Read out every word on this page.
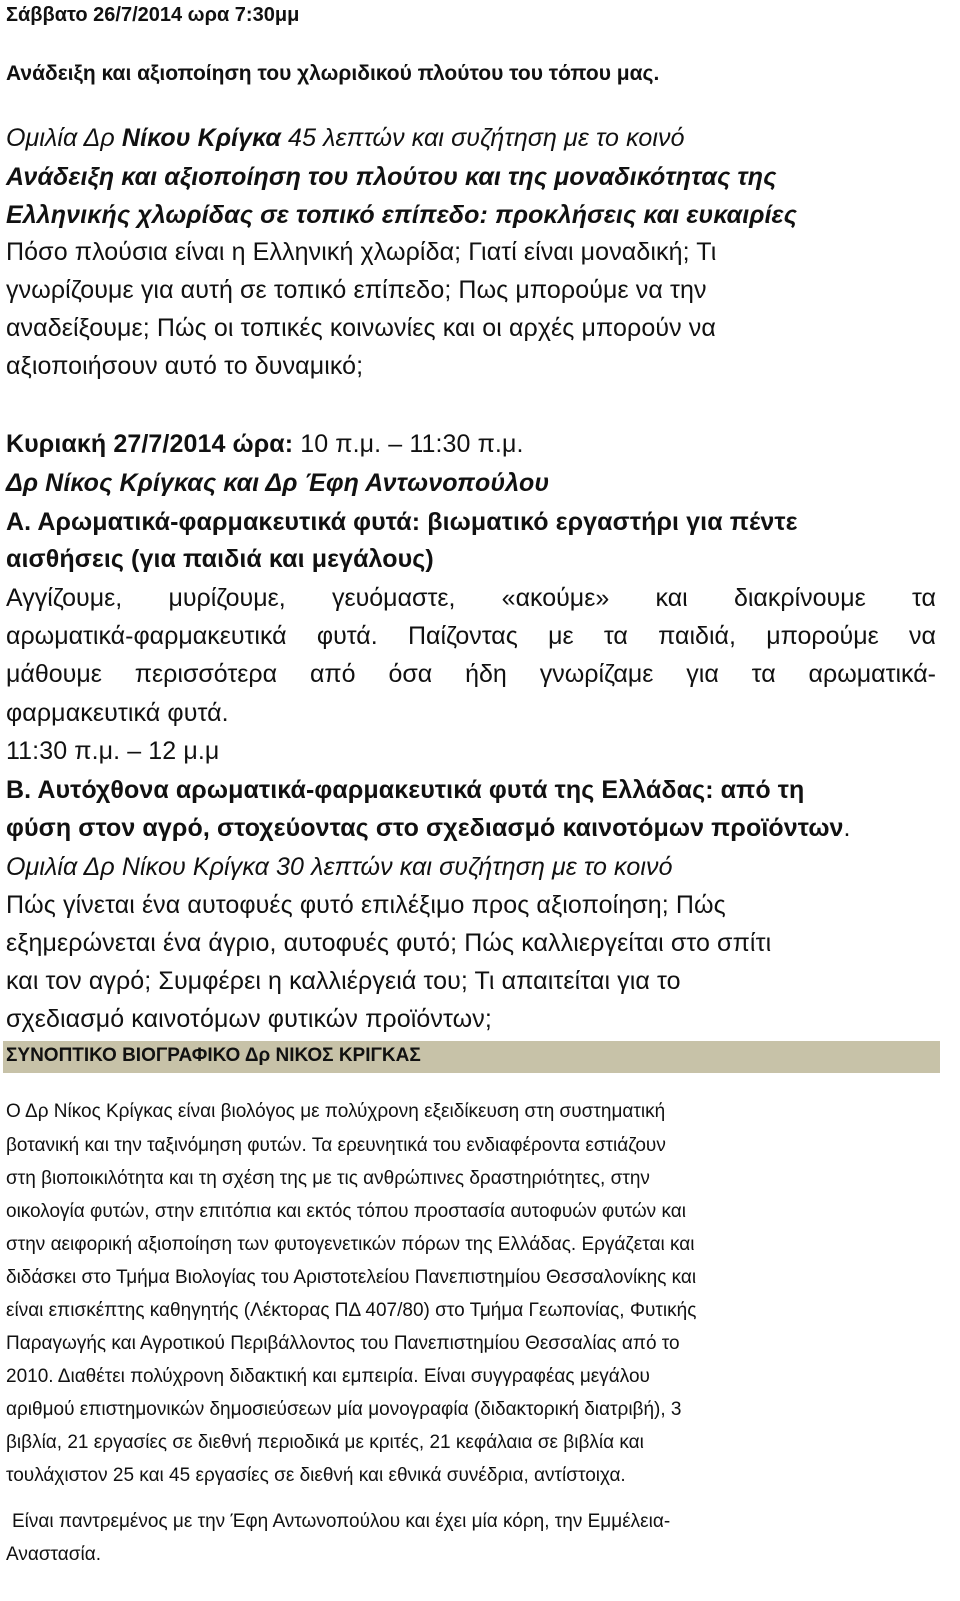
Σάββατο 26/7/2014 ωρα 7:30μμ

Ανάδειξη και αξιοποίηση του χλωριδικού πλούτου του τόπου μας.

Ομιλία Δρ Νίκου Κρίγκα 45 λεπτών και συζήτηση με το κοινό

Ανάδειξη και αξιοποίηση του πλούτου και της μοναδικότητας της

Ελληνικής χλωρίδας σε τοπικό επίπεδο: προκλήσεις και ευκαιρίες

Πόσο πλούσια είναι η Ελληνική χλωρίδα; Γιατί είναι μοναδική; Τι

γνωρίζουμε για αυτή σε τοπικό επίπεδο; Πως μπορούμε να την

αναδείξουμε; Πώς οι τοπικές κοινωνίες και οι αρχές μπορούν να

αξιοποιήσουν αυτό το δυναμικό;

Κυριακή 27/7/2014 ώρα: 10 π.μ. – 11:30 π.μ.

Δρ Νίκος Κρίγκας και Δρ Έφη Αντωνοπούλου

Α. Αρωματικά-φαρμακευτικά φυτά: βιωματικό εργαστήρι για πέντε

αισθήσεις (για παιδιά και μεγάλους)

Αγγίζουμε, μυρίζουμε, γευόμαστε, «ακούμε» και διακρίνουμε τα

αρωματικά-φαρμακευτικά φυτά. Παίζοντας με τα παιδιά, μπορούμε να

μάθουμε περισσότερα από όσα ήδη γνωρίζαμε για τα αρωματικά-

φαρμακευτικά φυτά.

11:30 π.μ. – 12 μ.μ

Β. Αυτόχθονα αρωματικά-φαρμακευτικά φυτά της Ελλάδας: από τη

φύση στον αγρό, στοχεύοντας στο σχεδιασμό καινοτόμων προϊόντων.

Ομιλία Δρ Νίκου Κρίγκα 30 λεπτών και συζήτηση με το κοινό

Πώς γίνεται ένα αυτοφυές φυτό επιλέξιμο προς αξιοποίηση; Πώς

εξημερώνεται ένα άγριο, αυτοφυές φυτό; Πώς καλλιεργείται στο σπίτι

και τον αγρό; Συμφέρει η καλλιέργειά του; Τι απαιτείται για το

σχεδιασμό καινοτόμων φυτικών προϊόντων;

ΣΥΝΟΠΤΙΚΟ ΒΙΟΓΡΑΦΙΚΟ Δρ ΝΙΚΟΣ ΚΡΙΓΚΑΣ

Ο Δρ Νίκος Κρίγκας είναι βιολόγος με πολύχρονη εξειδίκευση στη συστηματική

βοτανική και την ταξινόμηση φυτών. Τα ερευνητικά του ενδιαφέροντα εστιάζουν

στη βιοποικιλότητα και τη σχέση της με τις ανθρώπινες δραστηριότητες, στην

οικολογία φυτών, στην επιτόπια και εκτός τόπου προστασία αυτοφυών φυτών και

στην αειφορική αξιοποίηση των φυτογενετικών πόρων της Ελλάδας. Εργάζεται και

διδάσκει στο Τμήμα Βιολογίας του Αριστοτελείου Πανεπιστημίου Θεσσαλονίκης και

είναι επισκέπτης καθηγητής (Λέκτορας ΠΔ 407/80) στο Τμήμα Γεωπονίας, Φυτικής

Παραγωγής και Αγροτικού Περιβάλλοντος του Πανεπιστημίου Θεσσαλίας από το

2010. Διαθέτει πολύχρονη διδακτική και εμπειρία. Είναι συγγραφέας μεγάλου

αριθμού επιστημονικών δημοσιεύσεων μία μονογραφία (διδακτορική διατριβή), 3

βιβλία, 21 εργασίες σε διεθνή περιοδικά με κριτές, 21 κεφάλαια σε βιβλία και

τουλάχιστον 25 και 45 εργασίες σε διεθνή και εθνικά συνέδρια, αντίστοιχα.

Είναι παντρεμένος με την Έφη Αντωνοπούλου και έχει μία κόρη, την Εμμέλεια-

Αναστασία.
